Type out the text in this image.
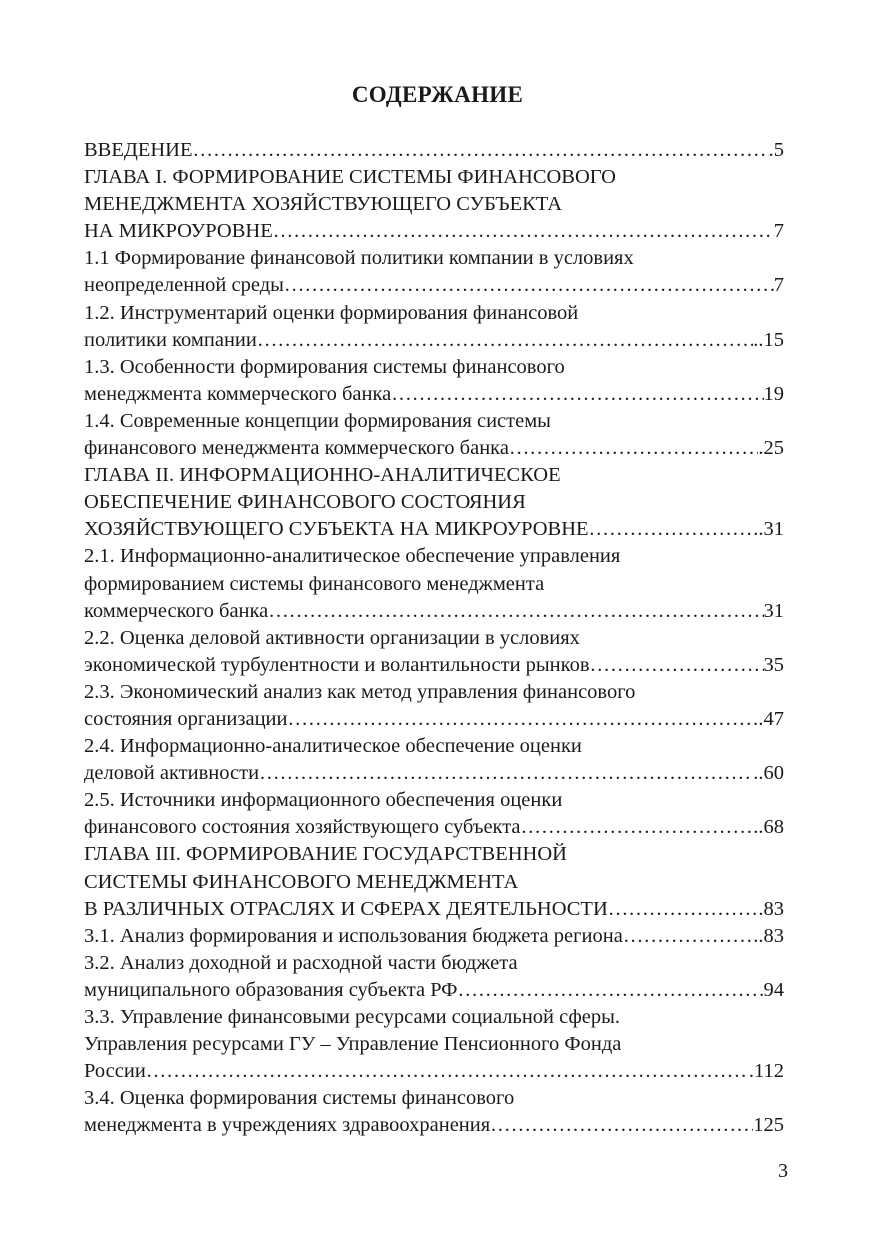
СОДЕРЖАНИЕ
ВВЕДЕНИЕ …………………………………………………………………………………………………………………………………………………………………………………………	.5
ГЛАВА I. ФОРМИРОВАНИЕ СИСТЕМЫ ФИНАНСОВОГО
МЕНЕДЖМЕНТА ХОЗЯЙСТВУЮЩЕГО СУБЪЕКТА
НА МИКРОУРОВНЕ …………………………………………………………………………………………………………………………………………………………………………………………	7
1.1 Формирование финансовой политики компании в условиях
неопределенной среды …………………………………………………………………………………………………………………………………………………………………………………………	7
1.2. Инструментарий оценки формирования финансовой
политики компании …………………………………………………………………………………………………………………………………………………………………………………………	..15
1.3. Особенности формирования системы финансового
менеджмента коммерческого банка …………………………………………………………………………………………………………………………………………………………………………………………	19
1.4. Современные концепции формирования системы
финансового менеджмента коммерческого банка …………………………………………………………………………………………………………………………………………………………………………………………	.25
ГЛАВА II. ИНФОРМАЦИОННО-АНАЛИТИЧЕСКОЕ
ОБЕСПЕЧЕНИЕ ФИНАНСОВОГО СОСТОЯНИЯ
ХОЗЯЙСТВУЮЩЕГО СУБЪЕКТА НА МИКРОУРОВНЕ …………………………………………………………………………………………………………………………………………………………………………………………	..31
2.1. Информационно-аналитическое обеспечение управления
формированием системы финансового менеджмента
коммерческого банка …………………………………………………………………………………………………………………………………………………………………………………………	31
2.2. Оценка деловой активности организации в условиях
экономической турбулентности и волантильности рынков …………………………………………………………………………………………………………………………………………………………………………………………	35
2.3. Экономический анализ как метод управления финансового
состояния организации …………………………………………………………………………………………………………………………………………………………………………………………	.47
2.4. Информационно-аналитическое обеспечение оценки
деловой активности …………………………………………………………………………………………………………………………………………………………………………………………	..60
2.5. Источники информационного обеспечения оценки
финансового состояния хозяйствующего субъекта …………………………………………………………………………………………………………………………………………………………………………………………	..68
ГЛАВА III. ФОРМИРОВАНИЕ ГОСУДАРСТВЕННОЙ
СИСТЕМЫ ФИНАНСОВОГО МЕНЕДЖМЕНТА
В РАЗЛИЧНЫХ ОТРАСЛЯХ И СФЕРАХ ДЕЯТЕЛЬНОСТИ …………………………………………………………………………………………………………………………………………………………………………………………	.83
3.1. Анализ формирования и использования бюджета региона …………………………………………………………………………………………………………………………………………………………………………………………	..83
3.2. Анализ доходной и расходной части бюджета
муниципального образования субъекта РФ …………………………………………………………………………………………………………………………………………………………………………………………	94
3.3. Управление финансовыми ресурсами социальной сферы.
Управления ресурсами ГУ – Управление Пенсионного Фонда
России …………………………………………………………………………………………………………………………………………………………………………………………	.112
3.4. Оценка формирования системы финансового
менеджмента в учреждениях здравоохранения …………………………………………………………………………………………………………………………………………………………………………………………	125
3
